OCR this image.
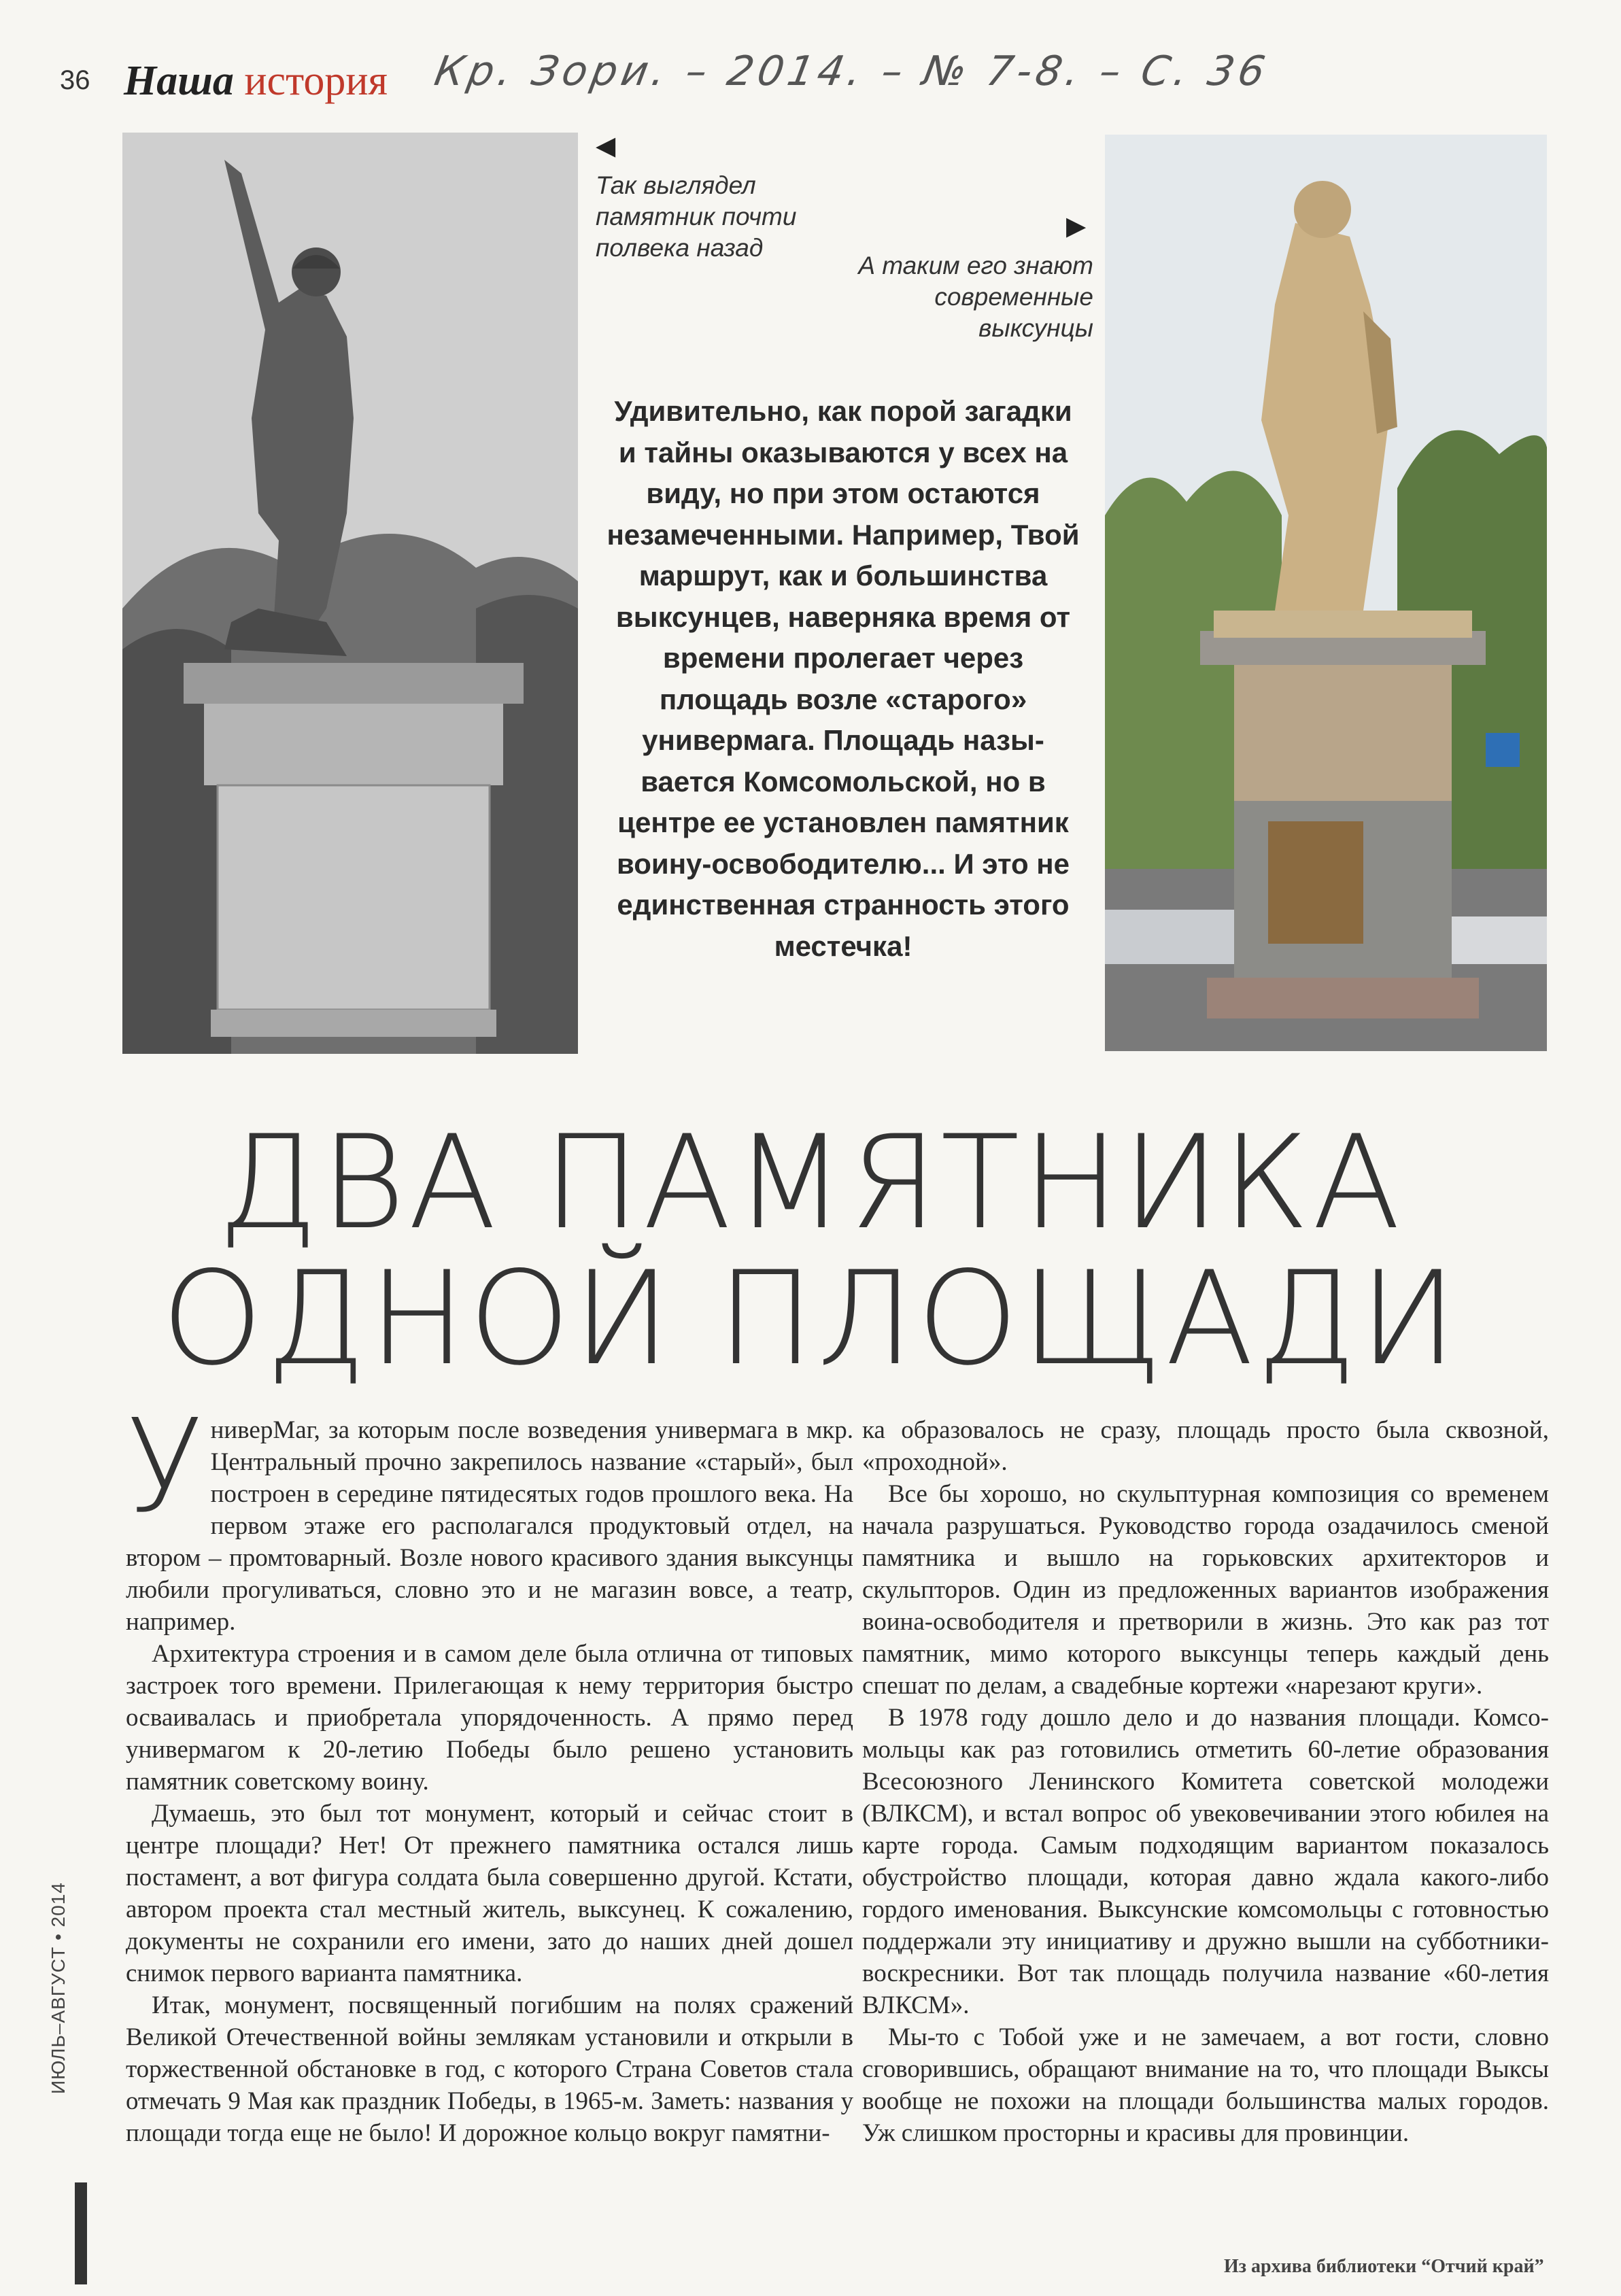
36 Наша история Кр. Зори. – 2014. – № 7-8. – С. 36
◀
Так выглядел памятник почти полвека назад
▶
А таким его знают современные выксунцы
Удивительно, как порой загадки и тайны оказываются у всех на виду, но при этом остаются незамеченными. Например, Твой маршрут, как и большинства выксунцев, наверняка время от времени пролегает через площадь возле «старого» универмага. Площадь называется Комсомольской, но в центре ее установлен памятник воину-освободителю... И это не единственная странность этого местечка!
ДВА ПАМЯТНИКА
ОДНОЙ ПЛОЩАДИ

УниверМаг, за которым после возведения универмага в мкр. Центральный прочно закрепилось название «старый», был построен в середине пятидесятых годов прошлого века. На первом этаже его располагался продуктовый отдел, на втором – промтоварный. Возле нового красивого здания выксунцы любили прогуливаться, словно это и не магазин вовсе, а театр, например.

Архитектура строения и в самом деле была отлична от типовых застроек того времени. Прилегающая к нему территория быстро осваивалась и приобретала упорядоченность. А прямо перед универмагом к 20-летию Победы было решено установить памятник советскому воину.

Думаешь, это был тот монумент, который и сейчас стоит в центре площади? Нет! От прежнего памятника остался лишь постамент, а вот фигура солдата была совершенно другой. Кстати, автором проекта стал местный житель, выксунец. К сожалению, документы не сохранили его имени, зато до наших дней дошел снимок первого варианта памятника.

Итак, монумент, посвященный погибшим на полях сражений Великой Отечественной войны землякам установили и открыли в торжественной обстановке в год, с которого Страна Советов стала отмечать 9 Мая как праздник Победы, в 1965-м. Заметь: названия у площади тогда еще не было! И дорожное кольцо вокруг памятни-

ка образовалось не сразу, площадь просто была сквозной, «проходной».

Все бы хорошо, но скульптурная композиция со временем начала разрушаться. Руководство города озадачилось сменой памятника и вышло на горьковских архитекторов и скульпторов. Один из предложенных вариантов изображения воина-освободителя и претворили в жизнь. Это как раз тот памятник, мимо которого выксунцы теперь каждый день спешат по делам, а свадебные кортежи «нарезают круги».

В 1978 году дошло дело и до названия площади. Комсомольцы как раз готовились отметить 60-летие образования Всесоюзного Ленинского Комитета советской молодежи (ВЛКСМ), и встал вопрос об увековечивании этого юбилея на карте города. Самым подходящим вариантом показалось обустройство площади, которая давно ждала какого-либо гордого именования. Выксунские комсомольцы с готовностью поддержали эту инициативу и дружно вышли на субботники-воскресники. Вот так площадь получила название «60-летия ВЛКСМ».

Мы-то с Тобой уже и не замечаем, а вот гости, словно сговорившись, обращают внимание на то, что площади Выксы вообще не похожи на площади большинства малых городов. Уж слишком просторны и красивы для провинции.

ИЮЛЬ–АВГУСТ • 2014
Из архива библиотеки “Отчий край”
